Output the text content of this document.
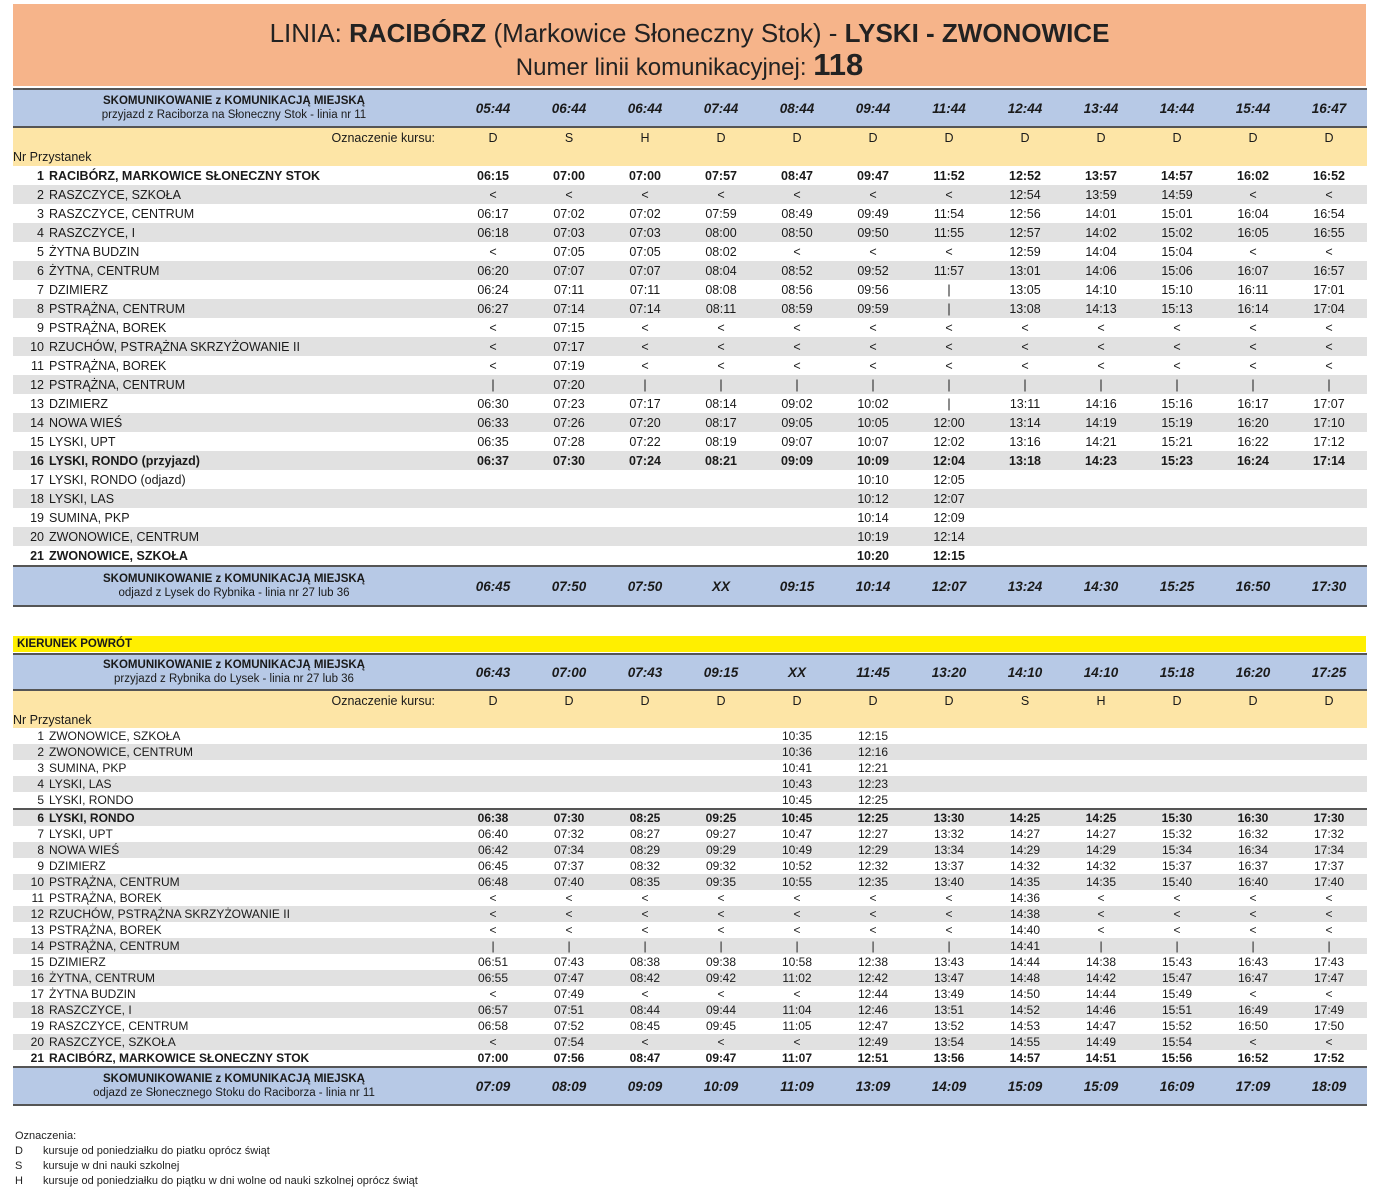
LINIA: RACIBÓRZ (Markowice Słoneczny Stok) - LYSKI - ZWONOWICE
Numer linii komunikacyjnej: 118
SKOMUNIKOWANIE z KOMUNIKACJĄ MIEJSKĄ
przyjazd z Raciborza na Słoneczny Stok - linia nr 11	05:44	06:44	06:44	07:44	08:44	09:44	11:44	12:44	13:44	14:44	15:44	16:47
Oznaczenie kursu:	D	S	H	D	D	D	D	D	D	D	D	D
Nr Przystanek												
1 RACIBÓRZ, MARKOWICE SŁONECZNY STOK	06:15	07:00	07:00	07:57	08:47	09:47	11:52	12:52	13:57	14:57	16:02	16:52
2 RASZCZYCE, SZKOŁA	<	<	<	<	<	<	<	12:54	13:59	14:59	<	<
3 RASZCZYCE, CENTRUM	06:17	07:02	07:02	07:59	08:49	09:49	11:54	12:56	14:01	15:01	16:04	16:54
4 RASZCZYCE, I	06:18	07:03	07:03	08:00	08:50	09:50	11:55	12:57	14:02	15:02	16:05	16:55
5 ŻYTNA BUDZIN	<	07:05	07:05	08:02	<	<	<	12:59	14:04	15:04	<	<
6 ŻYTNA, CENTRUM	06:20	07:07	07:07	08:04	08:52	09:52	11:57	13:01	14:06	15:06	16:07	16:57
7 DZIMIERZ	06:24	07:11	07:11	08:08	08:56	09:56	|	13:05	14:10	15:10	16:11	17:01
8 PSTRĄŻNA, CENTRUM	06:27	07:14	07:14	08:11	08:59	09:59	|	13:08	14:13	15:13	16:14	17:04
9 PSTRĄŻNA, BOREK	<	07:15	<	<	<	<	<	<	<	<	<	<
10 RZUCHÓW, PSTRĄŻNA SKRZYŻOWANIE II	<	07:17	<	<	<	<	<	<	<	<	<	<
11 PSTRĄŻNA, BOREK	<	07:19	<	<	<	<	<	<	<	<	<	<
12 PSTRĄŻNA, CENTRUM	|	07:20	|	|	|	|	|	|	|	|	|	|
13 DZIMIERZ	06:30	07:23	07:17	08:14	09:02	10:02	|	13:11	14:16	15:16	16:17	17:07
14 NOWA WIEŚ	06:33	07:26	07:20	08:17	09:05	10:05	12:00	13:14	14:19	15:19	16:20	17:10
15 LYSKI, UPT	06:35	07:28	07:22	08:19	09:07	10:07	12:02	13:16	14:21	15:21	16:22	17:12
16 LYSKI, RONDO (przyjazd)	06:37	07:30	07:24	08:21	09:09	10:09	12:04	13:18	14:23	15:23	16:24	17:14
17 LYSKI, RONDO (odjazd)						10:10	12:05					
18 LYSKI, LAS						10:12	12:07					
19 SUMINA, PKP						10:14	12:09					
20 ZWONOWICE, CENTRUM						10:19	12:14					
21 ZWONOWICE, SZKOŁA						10:20	12:15					

SKOMUNIKOWANIE z KOMUNIKACJĄ MIEJSKĄ
odjazd z Lysek do Rybnika - linia nr 27 lub 36	06:45	07:50	07:50	XX	09:15	10:14	12:07	13:24	14:30	15:25	16:50	17:30
KIERUNEK POWRÓT
SKOMUNIKOWANIE z KOMUNIKACJĄ MIEJSKĄ
przyjazd z Rybnika do Lysek - linia nr 27 lub 36	06:43	07:00	07:43	09:15	XX	11:45	13:20	14:10	14:10	15:18	16:20	17:25
Oznaczenie kursu:	D	D	D	D	D	D	D	S	H	D	D	D
Nr Przystanek												
1 ZWONOWICE, SZKOŁA					10:35	12:15						
2 ZWONOWICE, CENTRUM					10:36	12:16						
3 SUMINA, PKP					10:41	12:21						
4 LYSKI, LAS					10:43	12:23						
5 LYSKI, RONDO					10:45	12:25						
6 LYSKI, RONDO	06:38	07:30	08:25	09:25	10:45	12:25	13:30	14:25	14:25	15:30	16:30	17:30
7 LYSKI, UPT	06:40	07:32	08:27	09:27	10:47	12:27	13:32	14:27	14:27	15:32	16:32	17:32
8 NOWA WIEŚ	06:42	07:34	08:29	09:29	10:49	12:29	13:34	14:29	14:29	15:34	16:34	17:34
9 DZIMIERZ	06:45	07:37	08:32	09:32	10:52	12:32	13:37	14:32	14:32	15:37	16:37	17:37
10 PSTRĄŻNA, CENTRUM	06:48	07:40	08:35	09:35	10:55	12:35	13:40	14:35	14:35	15:40	16:40	17:40
11 PSTRĄŻNA, BOREK	<	<	<	<	<	<	<	14:36	<	<	<	<
12 RZUCHÓW, PSTRĄŻNA SKRZYŻOWANIE II	<	<	<	<	<	<	<	14:38	<	<	<	<
13 PSTRĄŻNA, BOREK	<	<	<	<	<	<	<	14:40	<	<	<	<
14 PSTRĄŻNA, CENTRUM	|	|	|	|	|	|	|	14:41	|	|	|	|
15 DZIMIERZ	06:51	07:43	08:38	09:38	10:58	12:38	13:43	14:44	14:38	15:43	16:43	17:43
16 ŻYTNA, CENTRUM	06:55	07:47	08:42	09:42	11:02	12:42	13:47	14:48	14:42	15:47	16:47	17:47
17 ŻYTNA BUDZIN	<	07:49	<	<	<	12:44	13:49	14:50	14:44	15:49	<	<
18 RASZCZYCE, I	06:57	07:51	08:44	09:44	11:04	12:46	13:51	14:52	14:46	15:51	16:49	17:49
19 RASZCZYCE, CENTRUM	06:58	07:52	08:45	09:45	11:05	12:47	13:52	14:53	14:47	15:52	16:50	17:50
20 RASZCZYCE, SZKOŁA	<	07:54	<	<	<	12:49	13:54	14:55	14:49	15:54	<	<
21 RACIBÓRZ, MARKOWICE SŁONECZNY STOK	07:00	07:56	08:47	09:47	11:07	12:51	13:56	14:57	14:51	15:56	16:52	17:52

SKOMUNIKOWANIE z KOMUNIKACJĄ MIEJSKĄ
odjazd ze Słonecznego Stoku do Raciborza - linia nr 11	07:09	08:09	09:09	10:09	11:09	13:09	14:09	15:09	15:09	16:09	17:09	18:09
Oznaczenia:
D	kursuje od poniedziałku do piatku oprócz świąt
S	kursuje w dni nauki szkolnej
H	kursuje od poniedziałku do piątku w dni wolne od nauki szkolnej oprócz świąt
